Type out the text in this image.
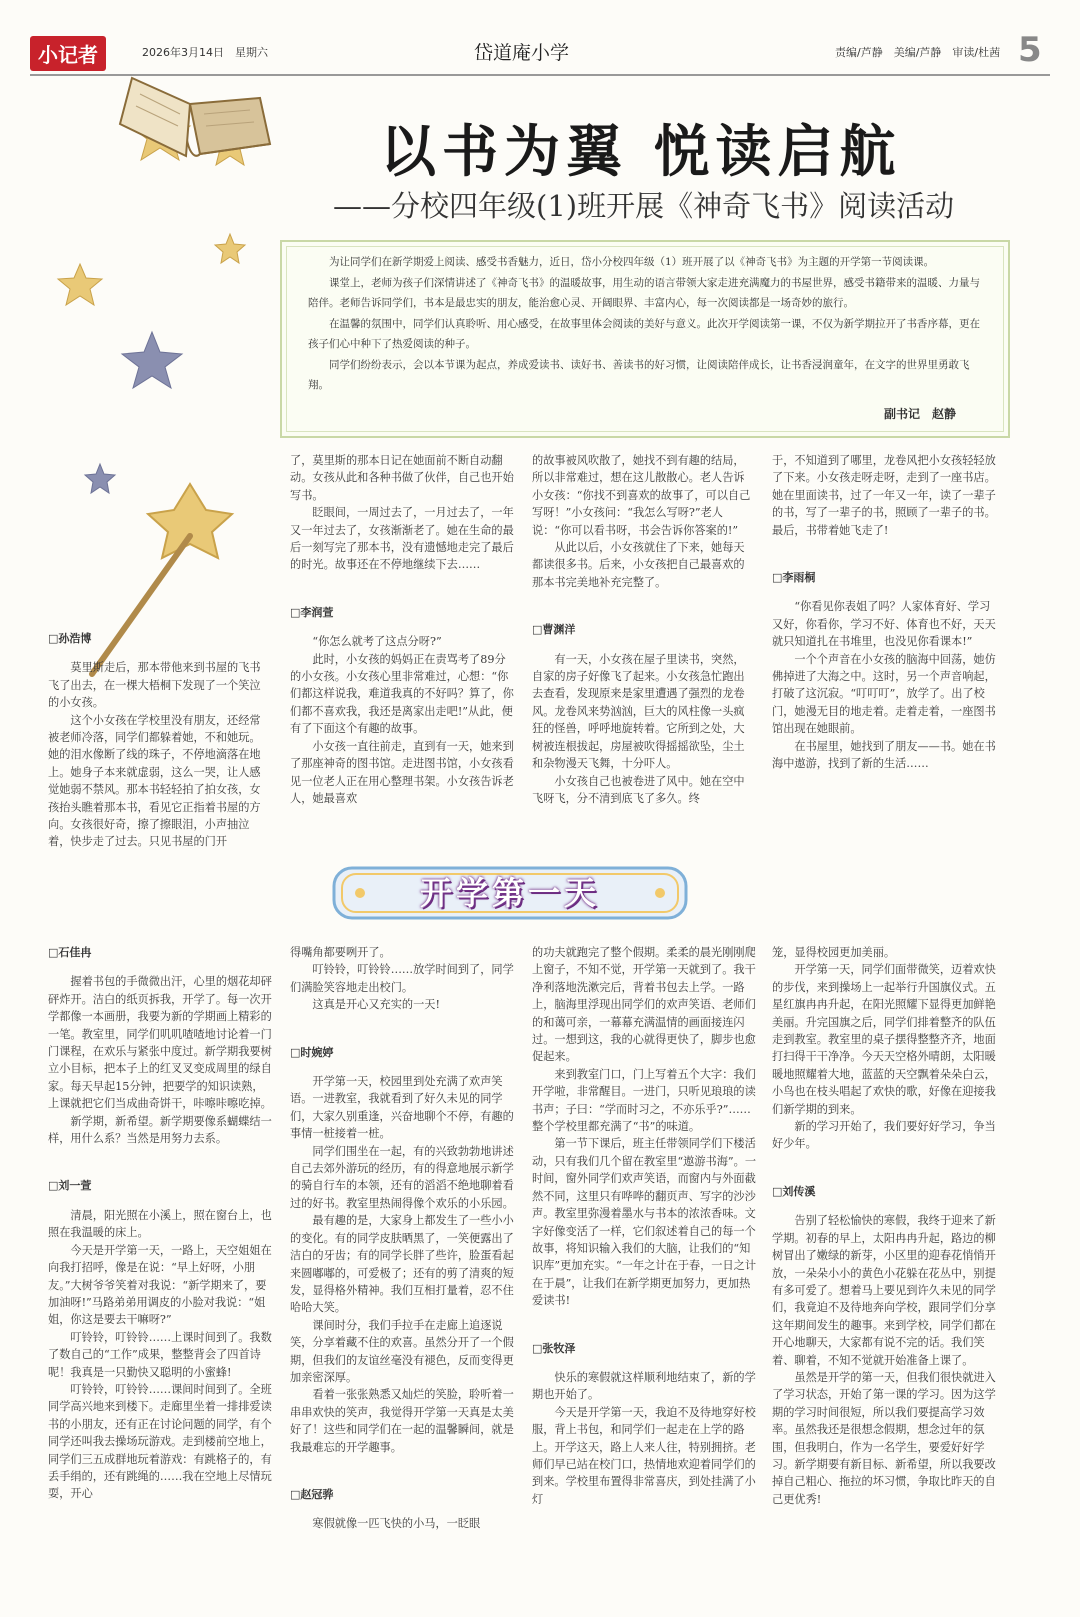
小记者	2026年3月14日　星期六	岱道庵小学	责编/芦静　美编/芦静　审读/杜茜 5
以书为翼 悦读启航
——分校四年级(1)班开展《神奇飞书》阅读活动

为让同学们在新学期爱上阅读、感受书香魅力，近日，岱小分校四年级（1）班开展了以《神奇飞书》为主题的开学第一节阅读课。

课堂上，老师为孩子们深情讲述了《神奇飞书》的温暖故事，用生动的语言带领大家走进充满魔力的书屋世界，感受书籍带来的温暖、力量与陪伴。老师告诉同学们，书本是最忠实的朋友，能治愈心灵、开阔眼界、丰富内心，每一次阅读都是一场奇妙的旅行。

在温馨的氛围中，同学们认真聆听、用心感受，在故事里体会阅读的美好与意义。此次开学阅读第一课，不仅为新学期拉开了书香序幕，更在孩子们心中种下了热爱阅读的种子。

同学们纷纷表示，会以本节课为起点，养成爱读书、读好书、善读书的好习惯，让阅读陪伴成长，让书香浸润童年，在文字的世界里勇敢飞翔。

副书记　赵静
□孙浩博

莫里斯走后，那本带他来到书屋的飞书飞了出去，在一棵大梧桐下发现了一个笑泣的小女孩。

这个小女孩在学校里没有朋友，还经常被老师冷落，同学们都躲着她，不和她玩。她的泪水像断了线的珠子，不停地滴落在地上。她身子本来就虚弱，这么一哭，让人感觉她弱不禁风。那本书轻轻拍了拍女孩，女孩抬头瞧着那本书，看见它正指着书屋的方向。女孩很好奇，擦了擦眼泪，小声抽泣着，快步走了过去。只见书屋的门开

了，莫里斯的那本日记在她面前不断自动翻动。女孩从此和各种书做了伙伴，自己也开始写书。

眨眼间，一周过去了，一月过去了，一年又一年过去了，女孩渐渐老了。她在生命的最后一刻写完了那本书，没有遗憾地走完了最后的时光。故事还在不停地继续下去……

□李润萱

“你怎么就考了这点分呀?”

此时，小女孩的妈妈正在责骂考了89分的小女孩。小女孩心里非常难过，心想：“你们都这样说我，难道我真的不好吗？算了，你们都不喜欢我，我还是离家出走吧!”从此，便有了下面这个有趣的故事。

小女孩一直往前走，直到有一天，她来到了那座神奇的图书馆。走进图书馆，小女孩看见一位老人正在用心整理书架。小女孩告诉老人，她最喜欢

的故事被风吹散了，她找不到有趣的结局，所以非常难过，想在这儿散散心。老人告诉小女孩：“你找不到喜欢的故事了，可以自己写呀！”小女孩问：“我怎么写呀?”老人说：“你可以看书呀，书会告诉你答案的!”

从此以后，小女孩就住了下来，她每天都读很多书。后来，小女孩把自己最喜欢的那本书完美地补充完整了。

□曹渊洋

有一天，小女孩在屋子里读书，突然，自家的房子好像飞了起来。小女孩急忙跑出去查看，发现原来是家里遭遇了强烈的龙卷风。龙卷风来势汹汹，巨大的风柱像一头疯狂的怪兽，呼呼地旋转着。它所到之处，大树被连根拔起，房屋被吹得摇摇欲坠，尘土和杂物漫天飞舞，十分吓人。

小女孩自己也被卷进了风中。她在空中飞呀飞，分不清到底飞了多久。终

于，不知道到了哪里，龙卷风把小女孩轻轻放了下来。小女孩走呀走呀，走到了一座书店。她在里面读书，过了一年又一年，读了一辈子的书，写了一辈子的书，照顾了一辈子的书。最后，书带着她飞走了!

□李雨桐

“你看见你表姐了吗？人家体育好、学习又好，你看你，学习不好、体育也不好，天天就只知道扎在书堆里，也没见你看课本!”

一个个声音在小女孩的脑海中回荡，她仿佛掉进了大海之中。这时，另一个声音响起，打破了这沉寂。“叮叮叮”，放学了。出了校门，她漫无目的地走着。走着走着，一座图书馆出现在她眼前。

在书屋里，她找到了朋友——书。她在书海中遨游，找到了新的生活……

开学第一天
□石佳冉

握着书包的手微微出汗，心里的烟花却砰砰炸开。洁白的纸页拆我，开学了。每一次开学都像一本画册，我要为新的学期画上精彩的一笔。教室里，同学们叽叽喳喳地讨论着一门门课程，在欢乐与紧张中度过。新学期我要树立小目标，把本子上的红叉叉变成周里的绿自家。每天早起15分钟，把要学的知识读熟，上课就把它们当成曲奇饼干，咔嚓咔嚓吃掉。

新学期，新希望。新学期要像系蝴蝶结一样，用什么系？当然是用努力去系。

□刘一萱

清晨，阳光照在小溪上，照在窗台上，也照在我温暖的床上。

今天是开学第一天，一路上，天空姐姐在向我打招呼，像是在说：“早上好呀，小朋友。”大树爷爷笑着对我说：“新学期来了，要加油呀!”马路弟弟用调皮的小脸对我说：“姐姐，你这是要去干嘛呀?”

叮铃铃，叮铃铃……上课时间到了。我数了数自己的“工作”成果，整整背会了四首诗呢！我真是一只勤快又聪明的小蜜蜂!

叮铃铃，叮铃铃……课间时间到了。全班同学高兴地来到楼下。走廊里坐着一排排爱读书的小朋友，还有正在讨论问题的同学，有个同学还叫我去操场玩游戏。走到楼前空地上，同学们三五成群地玩着游戏：有跳格子的，有丢手绢的，还有跳绳的……我在空地上尽情玩耍，开心

得嘴角都要咧开了。

叮铃铃，叮铃铃……放学时间到了，同学们满脸笑容地走出校门。

这真是开心又充实的一天!

□时婉婷

开学第一天，校园里到处充满了欢声笑语。一进教室，我就看到了好久未见的同学们，大家久别重逢，兴奋地聊个不停，有趣的事情一桩接着一桩。

同学们围坐在一起，有的兴致勃勃地讲述自己去郊外游玩的经历，有的得意地展示新学的骑自行车的本领，还有的滔滔不绝地聊着看过的好书。教室里热闹得像个欢乐的小乐园。

最有趣的是，大家身上都发生了一些小小的变化。有的同学皮肤晒黑了，一笑便露出了洁白的牙齿；有的同学长胖了些许，脸蛋看起来圆嘟嘟的，可爱极了；还有的剪了清爽的短发，显得格外精神。我们互相打量着，忍不住哈哈大笑。

课间时分，我们手拉手在走廊上追逐说笑，分享着藏不住的欢喜。虽然分开了一个假期，但我们的友谊丝毫没有褪色，反而变得更加亲密深厚。

看着一张张熟悉又灿烂的笑脸，聆听着一串串欢快的笑声，我觉得开学第一天真是太美好了！这些和同学们在一起的温馨瞬间，就是我最难忘的开学趣事。

□赵冠骅

寒假就像一匹飞快的小马，一眨眼

的功夫就跑完了整个假期。柔柔的晨光刚刚爬上窗子，不知不觉，开学第一天就到了。我干净利落地洗漱完后，背着书包去上学。一路上，脑海里浮现出同学们的欢声笑语、老师们的和蔼可亲，一幕幕充满温情的画面接连闪过。一想到这，我的心就得更快了，脚步也愈促起来。

来到教室门口，门上写着五个大字：我们开学啦，非常醒目。一进门，只听见琅琅的读书声；子曰：“学而时习之，不亦乐乎?”……整个学校里都充满了“书”的味道。

第一节下课后，班主任带领同学们下楼活动，只有我们几个留在教室里“遨游书海”。一时间，窗外同学们欢声笑语，而窗内与外面截然不同，这里只有哗哗的翻页声、写字的沙沙声。教室里弥漫着墨水与书本的浓浓香味。文字好像变活了一样，它们叙述着自己的每一个故事，将知识输入我们的大脑，让我们的“知识库”更加充实。“一年之计在于春，一日之计在于晨”，让我们在新学期更加努力，更加热爱读书!

□张牧泽

快乐的寒假就这样顺利地结束了，新的学期也开始了。

今天是开学第一天，我迫不及待地穿好校服，背上书包，和同学们一起走在上学的路上。开学这天，路上人来人往，特别拥挤。老师们早已站在校门口，热情地欢迎着同学们的到来。学校里布置得非常喜庆，到处挂满了小灯

笼，显得校园更加美丽。

开学第一天，同学们面带微笑，迈着欢快的步伐，来到操场上一起举行升国旗仪式。五星红旗冉冉升起，在阳光照耀下显得更加鲜艳美丽。升完国旗之后，同学们排着整齐的队伍走到教室。教室里的桌子摆得整整齐齐，地面打扫得干干净净。今天天空格外晴朗，太阳暖暖地照耀着大地，蓝蓝的天空飘着朵朵白云，小鸟也在枝头唱起了欢快的歌，好像在迎接我们新学期的到来。

新的学习开始了，我们要好好学习，争当好少年。

□刘传溪

告别了轻松愉快的寒假，我终于迎来了新学期。初春的早上，太阳冉冉升起，路边的柳树冒出了嫩绿的新芽，小区里的迎春花悄悄开放，一朵朵小小的黄色小花躲在花丛中，别提有多可爱了。想着马上要见到许久未见的同学们，我竟迫不及待地奔向学校，跟同学们分享这年期间发生的趣事。来到学校，同学们都在开心地聊天，大家都有说不完的话。我们笑着、聊着，不知不觉就开始准备上课了。

虽然是开学的第一天，但我们很快就进入了学习状态，开始了第一课的学习。因为这学期的学习时间很短，所以我们要提高学习效率。虽然我还是很想念假期，想念过年的氛围，但我明白，作为一名学生，要爱好好学习。新学期要有新目标、新希望，所以我要改掉自己粗心、拖拉的坏习惯，争取比昨天的自己更优秀!
